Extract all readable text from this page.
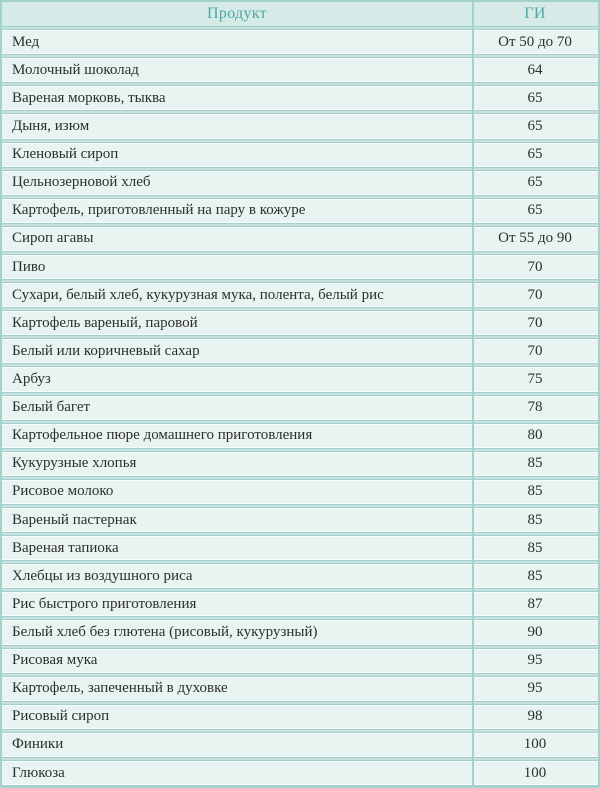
Продукт	ГИ
Мед	От 50 до 70
Молочный шоколад	64
Вареная морковь, тыква	65
Дыня, изюм	65
Кленовый сироп	65
Цельнозерновой хлеб	65
Картофель, приготовленный на пару в кожуре	65
Сироп агавы	От 55 до 90
Пиво	70
Сухари, белый хлеб, кукурузная мука, полента, белый рис	70
Картофель вареный, паровой	70
Белый или коричневый сахар	70
Арбуз	75
Белый багет	78
Картофельное пюре домашнего приготовления	80
Кукурузные хлопья	85
Рисовое молоко	85
Вареный пастернак	85
Вареная тапиока	85
Хлебцы из воздушного риса	85
Рис быстрого приготовления	87
Белый хлеб без глютена (рисовый, кукурузный)	90
Рисовая мука	95
Картофель, запеченный в духовке	95
Рисовый сироп	98
Финики	100
Глюкоза	100
